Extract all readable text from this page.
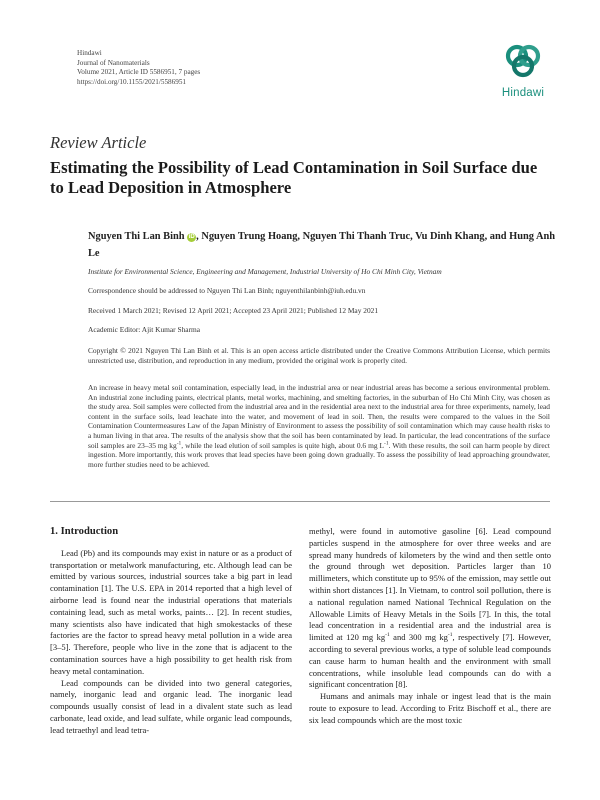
Hindawi
Journal of Nanomaterials
Volume 2021, Article ID 5586951, 7 pages
https://doi.org/10.1155/2021/5586951
Hindawi
Review Article
Estimating the Possibility of Lead Contamination in Soil Surface due to Lead Deposition in Atmosphere
Nguyen Thi Lan Binh iD , Nguyen Trung Hoang, Nguyen Thi Thanh Truc, Vu Dinh Khang, and Hung Anh Le
Institute for Environmental Science, Engineering and Management, Industrial University of Ho Chi Minh City, Vietnam
Correspondence should be addressed to Nguyen Thi Lan Binh; nguyenthilanbinh@iuh.edu.vn
Received 1 March 2021; Revised 12 April 2021; Accepted 23 April 2021; Published 12 May 2021
Academic Editor: Ajit Kumar Sharma
Copyright © 2021 Nguyen Thi Lan Binh et al. This is an open access article distributed under the Creative Commons Attribution License, which permits unrestricted use, distribution, and reproduction in any medium, provided the original work is properly cited.
An increase in heavy metal soil contamination, especially lead, in the industrial area or near industrial areas has become a serious environmental problem. An industrial zone including paints, electrical plants, metal works, machining, and smelting factories, in the suburban of Ho Chi Minh City, was chosen as the study area. Soil samples were collected from the industrial area and in the residential area next to the industrial area for three experiments, namely, lead content in the surface soils, lead leachate into the water, and movement of lead in soil. Then, the results were compared to the values in the Soil Contamination Countermeasures Law of the Japan Ministry of Environment to assess the possibility of soil contamination which may cause health risks to a human living in that area. The results of the analysis show that the soil has been contaminated by lead. In particular, the lead concentrations of the surface soil samples are 23–35 mg $kg^{-1}$, while the lead elution of soil samples is quite high, about 0.6 mg $L^{-1}$. With these results, the soil can harm people by direct ingestion. More importantly, this work proves that lead species have been going down gradually. To assess the possibility of lead approaching groundwater, more further studies need to be achieved.
1. Introduction

Lead (Pb) and its compounds may exist in nature or as a product of transportation or metalwork manufacturing, etc. Although lead can be emitted by various sources, industrial sources take a big part in lead contamination [1]. The U.S. EPA in 2014 reported that a high level of airborne lead is found near the industrial operations that materials containing lead, such as metal works, paints… [2]. In recent studies, many scientists also have indicated that high smokestacks of these factories are the factor to spread heavy metal pollution in a wide area [3–5]. Therefore, people who live in the zone that is adjacent to the contamination sources have a high possibility to get health risk from heavy metal contamination.

Lead compounds can be divided into two general categories, namely, inorganic lead and organic lead. The inorganic lead compounds usually consist of lead in a divalent state such as lead carbonate, lead oxide, and lead sulfate, while organic lead compounds, lead tetraethyl and lead tetra-

methyl, were found in automotive gasoline [6]. Lead compound particles suspend in the atmosphere for over three weeks and are spread many hundreds of kilometers by the wind and then settle onto the ground through wet deposition. Particles larger than 10 millimeters, which constitute up to 95% of the emission, may settle out within short distances [1]. In Vietnam, to control soil pollution, there is a national regulation named National Technical Regulation on the Allowable Limits of Heavy Metals in the Soils [7]. In this, the total lead concentration in a residential area and the industrial area is limited at 120 mg $kg^{-1}$ and 300 mg $kg^{-1}$, respectively [7]. However, according to several previous works, a type of soluble lead compounds can cause harm to human health and the environment with small concentrations, while insoluble lead compounds can do with a significant concentration [8].

Humans and animals may inhale or ingest lead that is the main route to exposure to lead. According to Fritz Bischoff et al., there are six lead compounds which are the most toxic
